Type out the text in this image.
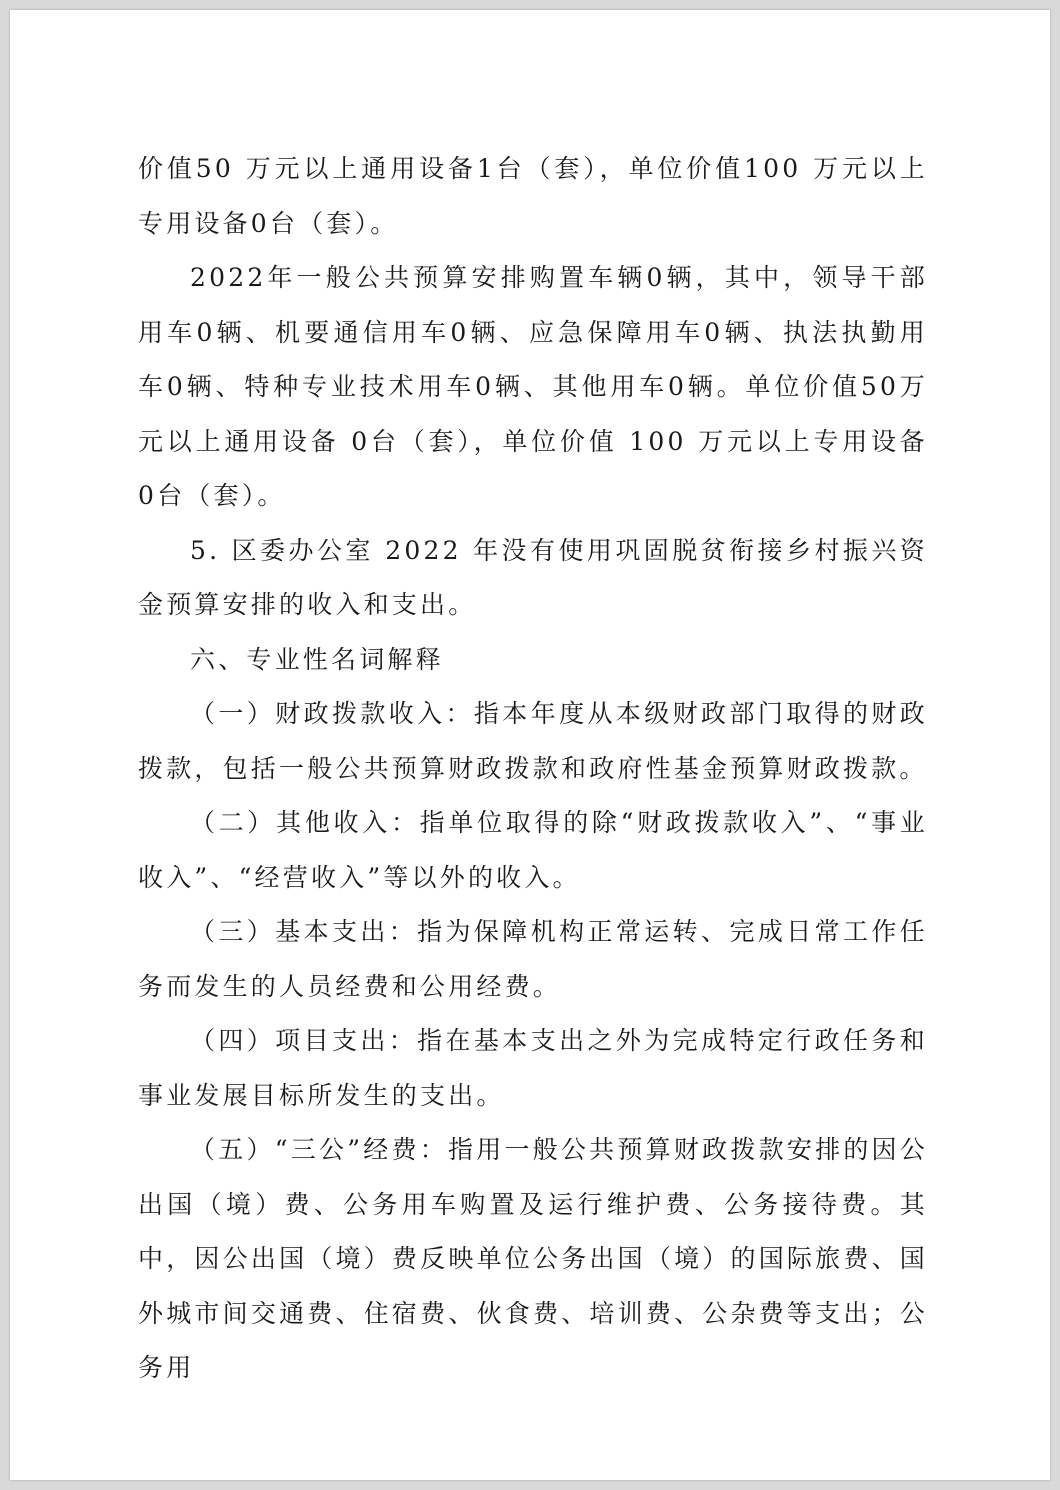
价值50 万元以上通用设备1台（套），单位价值100 万元以上专用设备0台（套）。

2022年一般公共预算安排购置车辆0辆，其中，领导干部用车0辆、机要通信用车0辆、应急保障用车0辆、执法执勤用车0辆、特种专业技术用车0辆、其他用车0辆。单位价值50万元以上通用设备 0台（套），单位价值 100 万元以上专用设备 0台（套）。

5. 区委办公室 2022 年没有使用巩固脱贫衔接乡村振兴资金预算安排的收入和支出。

六、专业性名词解释

（一）财政拨款收入：指本年度从本级财政部门取得的财政拨款，包括一般公共预算财政拨款和政府性基金预算财政拨款。

（二）其他收入：指单位取得的除“财政拨款收入”、“事业收入”、“经营收入”等以外的收入。

（三）基本支出：指为保障机构正常运转、完成日常工作任务而发生的人员经费和公用经费。

（四）项目支出：指在基本支出之外为完成特定行政任务和事业发展目标所发生的支出。

（五）“三公”经费：指用一般公共预算财政拨款安排的因公出国（境）费、公务用车购置及运行维护费、公务接待费。其中，因公出国（境）费反映单位公务出国（境）的国际旅费、国外城市间交通费、住宿费、伙食费、培训费、公杂费等支出；公务用
